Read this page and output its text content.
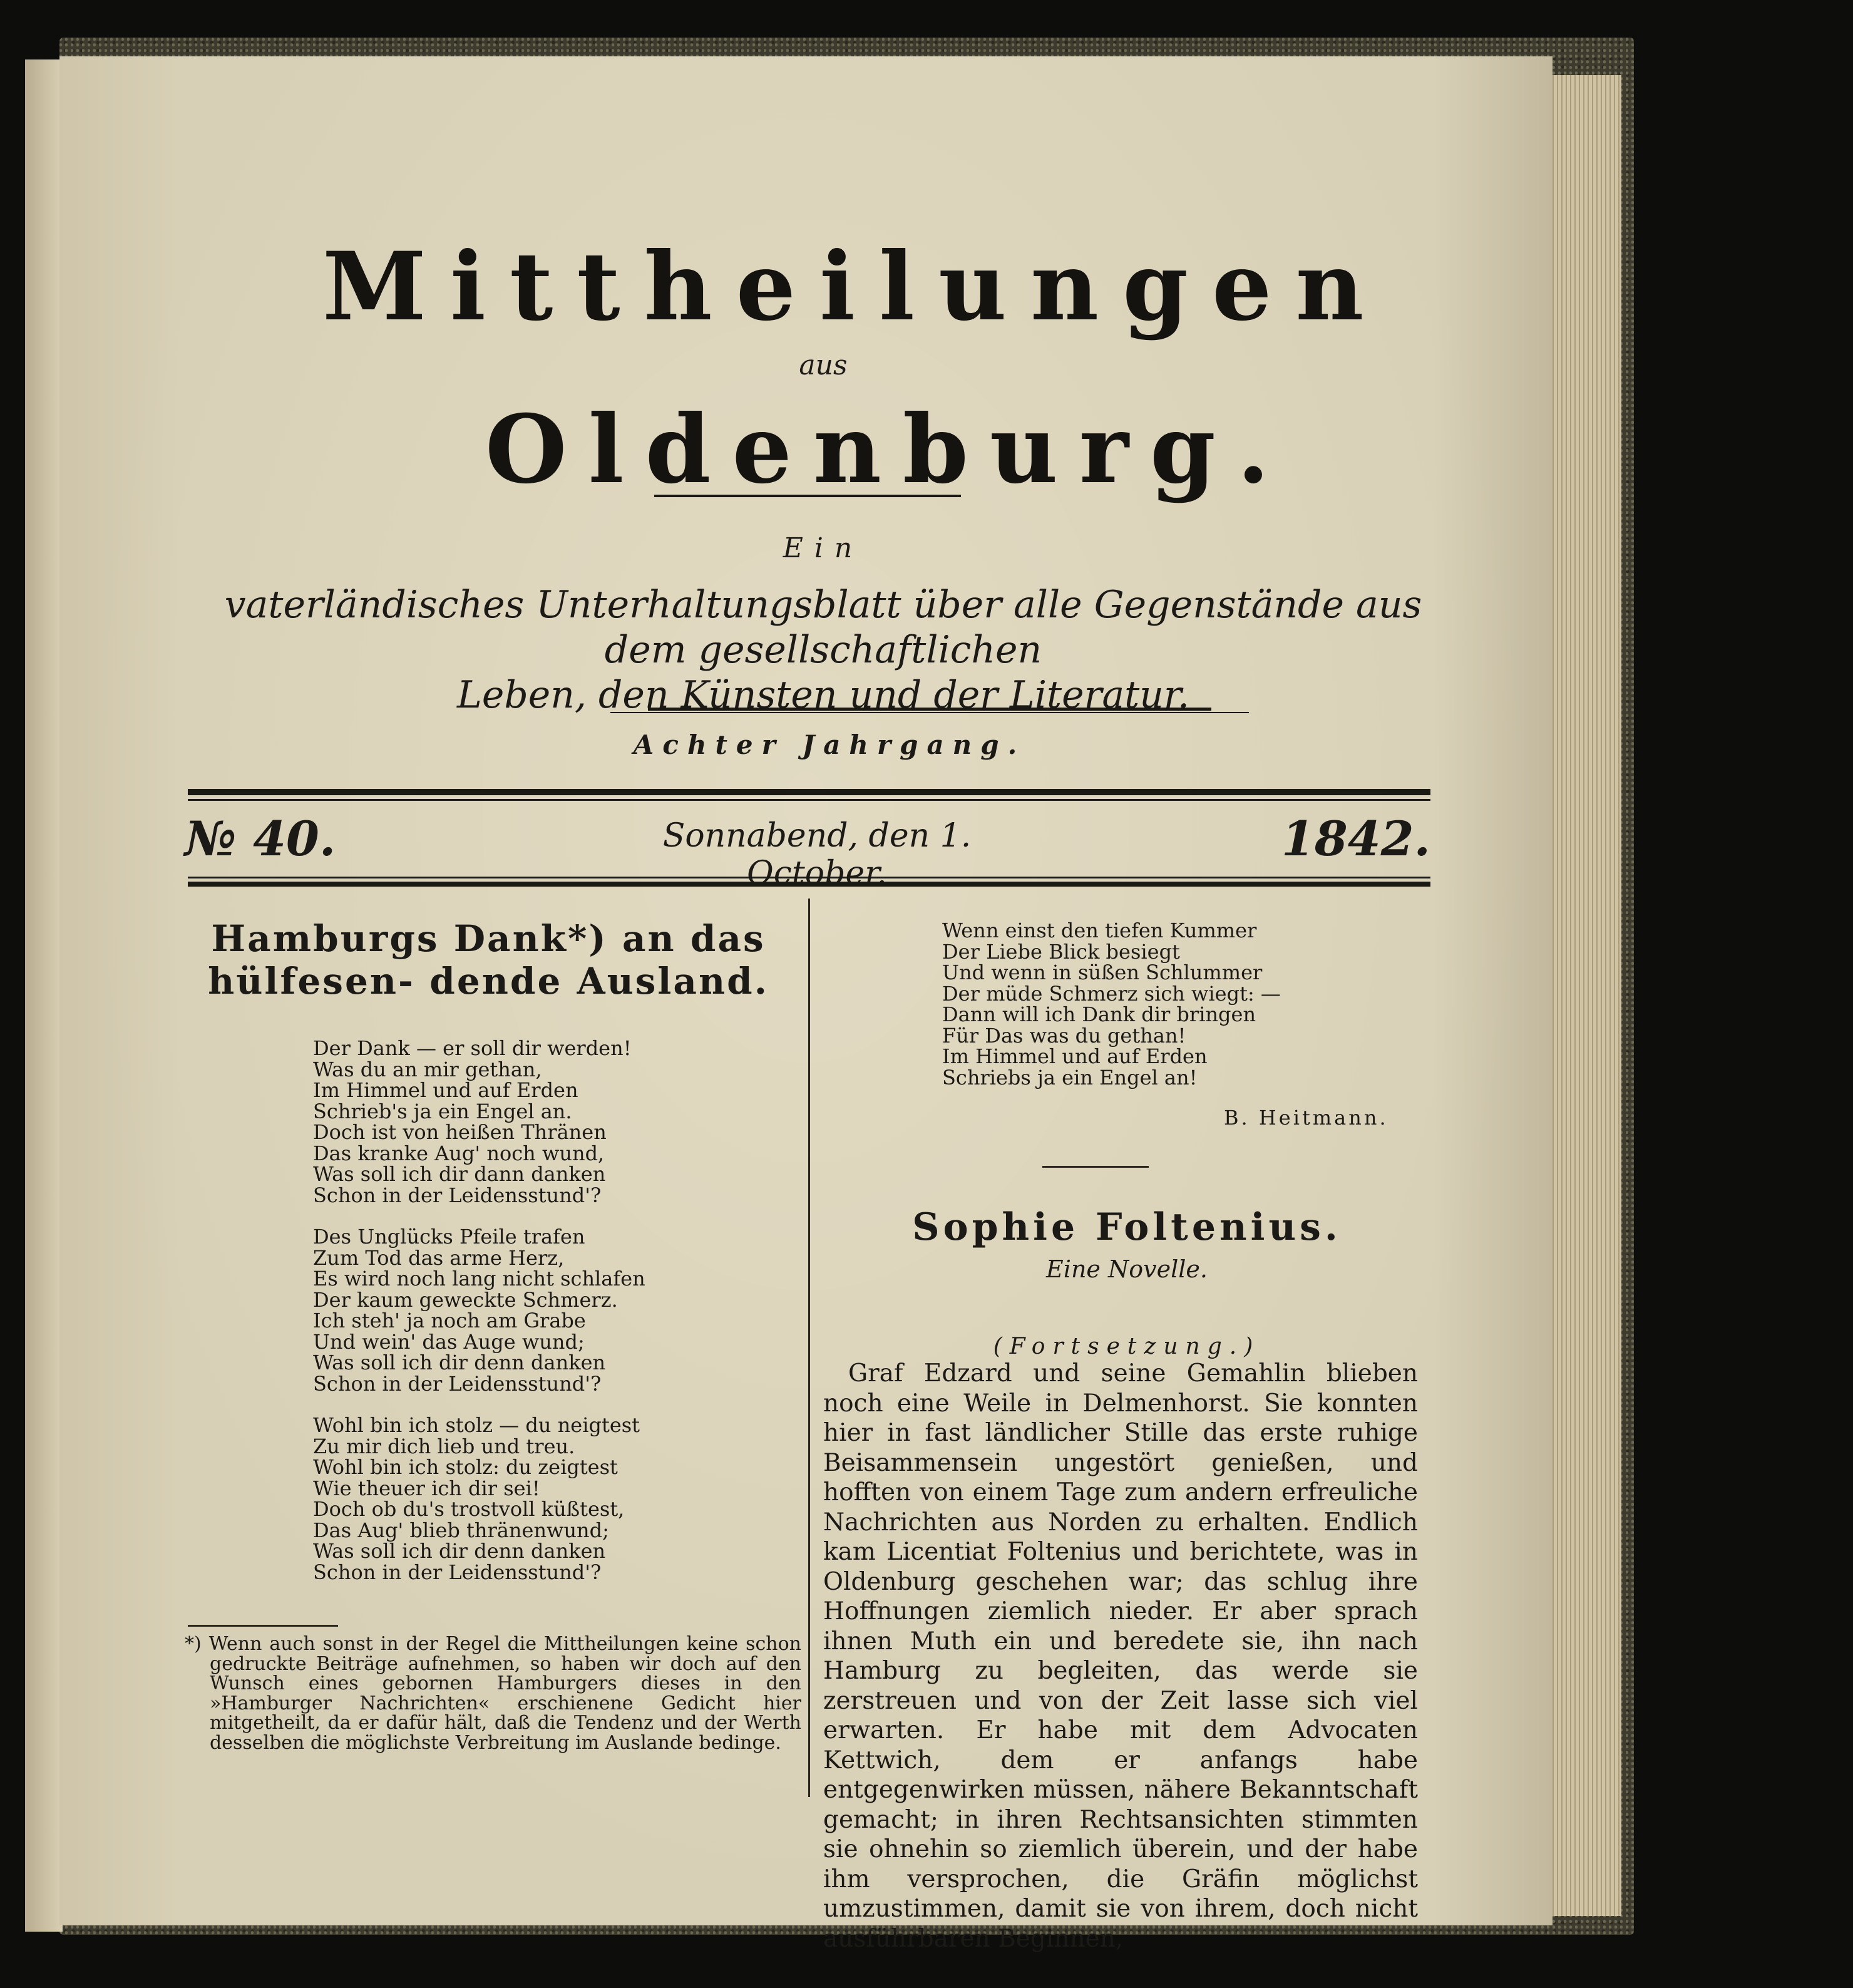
Mittheilungen
aus
Oldenburg.
Ein
vaterländisches Unterhaltungsblatt über alle Gegenstände aus dem gesellschaftlichen
Leben, den Künsten und der Literatur.
Achter Jahrgang.
№ 40.	Sonnabend, den 1. October.
1842.
Hamburgs Dank*) an das hülfesen- dende Ausland.
Der Dank — er soll dir werden!
Was du an mir gethan,
Im Himmel und auf Erden
Schrieb's ja ein Engel an.
Doch ist von heißen Thränen
Das kranke Aug' noch wund,
Was soll ich dir dann danken
Schon in der Leidensstund'?
Des Unglücks Pfeile trafen
Zum Tod das arme Herz,
Es wird noch lang nicht schlafen
Der kaum geweckte Schmerz.
Ich steh' ja noch am Grabe
Und wein' das Auge wund;
Was soll ich dir denn danken
Schon in der Leidensstund'?
Wohl bin ich stolz — du neigtest
Zu mir dich lieb und treu.
Wohl bin ich stolz: du zeigtest
Wie theuer ich dir sei!
Doch ob du's trostvoll küßtest,
Das Aug' blieb thränenwund;
Was soll ich dir denn danken
Schon in der Leidensstund'?
*) Wenn auch sonst in der Regel die Mittheilungen keine schon gedruckte Beiträge aufnehmen, so haben wir doch auf den Wunsch eines gebornen Hamburgers dieses in den »Hamburger Nachrichten« erschienene Gedicht hier mitgetheilt, da er dafür hält, daß die Tendenz und der Werth desselben die möglichste Verbreitung im Auslande bedinge.
Wenn einst den tiefen Kummer
Der Liebe Blick besiegt
Und wenn in süßen Schlummer
Der müde Schmerz sich wiegt: —
Dann will ich Dank dir bringen
Für Das was du gethan!
Im Himmel und auf Erden
Schriebs ja ein Engel an!
B. Heitmann.
Sophie Foltenius.
Eine Novelle.
(Fortsetzung.)
Graf Edzard und seine Gemahlin blieben noch eine Weile in Delmenhorst. Sie konnten hier in fast ländlicher Stille das erste ruhige Beisammensein ungestört genießen, und hofften von einem Tage zum andern erfreuliche Nachrichten aus Norden zu erhalten. Endlich kam Licentiat Foltenius und berichtete, was in Oldenburg geschehen war; das schlug ihre Hoffnungen ziemlich nieder. Er aber sprach ihnen Muth ein und beredete sie, ihn nach Hamburg zu begleiten, das werde sie zerstreuen und von der Zeit lasse sich viel erwarten. Er habe mit dem Advocaten Kettwich, dem er anfangs habe entgegenwirken müssen, nähere Bekanntschaft gemacht; in ihren Rechtsansichten stimmten sie ohnehin so ziemlich überein, und der habe ihm versprochen, die Gräfin möglichst umzustimmen, damit sie von ihrem, doch nicht ausführbaren Beginnen,
